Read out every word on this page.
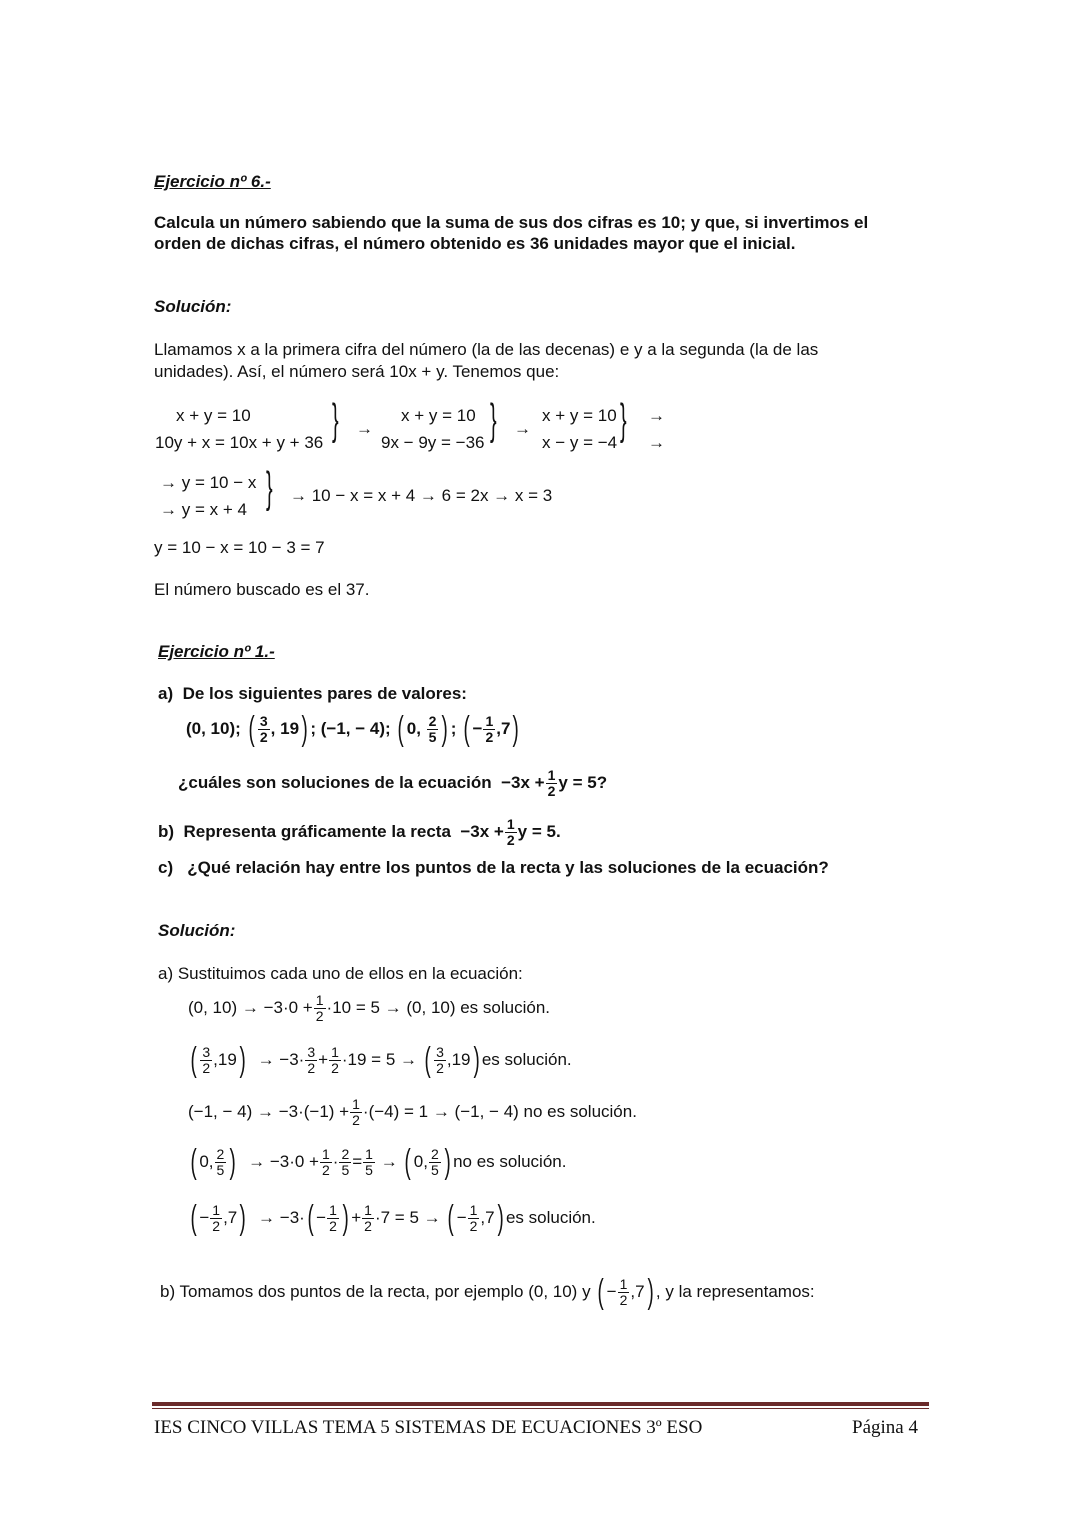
Ejercicio nº 6.-
Calcula un número sabiendo que la suma de sus dos cifras es 10; y que, si invertimos el
orden de dichas cifras, el número obtenido es 36 unidades mayor que el inicial.
Solución:
Llamamos x a la primera cifra del número (la de las decenas) e y a la segunda (la de las
unidades). Así, el número será 10x + y. Tenemos que:
x + y = 10
10y + x = 10x + y + 36 } →
x + y = 10
9x − 9y = −36 } →
x + y = 10
x − y = −4 } →
→
→ y = 10 − x
→ y = x + 4 } → 10 − x = x + 4 → 6 = 2x → x = 3
y = 10 − x = 10 − 3 = 7
El número buscado es el 37.
Ejercicio nº 1.-
a) De los siguientes pares de valores:
(0, 10);
( $\frac{3}{2}$ , 19 ) ; (−1, − 4);
( 0,
$\frac{2}{5}$ ) ; ( − $\frac{1}{2}$ , 7 )
¿cuáles son soluciones de la ecuación
$-3x + \frac{1}{2}$ y = 5?
b)
Representa gráficamente la recta
$-3x + \frac{1}{2}$ y = 5.
c) ¿Qué relación hay entre los puntos de la recta y las soluciones de la ecuación?
Solución:
a) Sustituimos cada uno de ellos en la ecuación:
(0, $10) \to -3\cdot 0 + \frac{1}{2} \cdot 10 = 5 \to (0$, 10) es solución.
( $\frac{3}{2}$ , 19 )
→ $-3\cdot \frac{3}{2} + \frac{1}{2} \cdot 19 = 5$ →
( $\frac{3}{2}$ , 19 ) es solución.
(−1, − $4) \to -3\cdot(-1) + \frac{1}{2} \cdot(-4) = 1 \to (-1$, − 4) no es solución.
( 0, $\frac{2}{5}$ )
→ $-3\cdot 0 + \frac{1}{2} \cdot \frac{2}{5} = \frac{1}{5}$ → ( 0, $\frac{2}{5}$ ) no es solución.
( − $\frac{1}{2}$ , 7 )
→ −3· ( − $\frac{1}{2}$ ) + $\frac{1}{2} \cdot 7 = 5$ →
( − $\frac{1}{2}$ , 7 ) es solución.
b) Tomamos dos puntos de la recta, por ejemplo (0, 10) y
( − $\frac{1}{2}$ , 7 ) , y la representamos:
IES CINCO VILLAS TEMA 5 SISTEMAS DE ECUACIONES 3º ESO	Página 4
